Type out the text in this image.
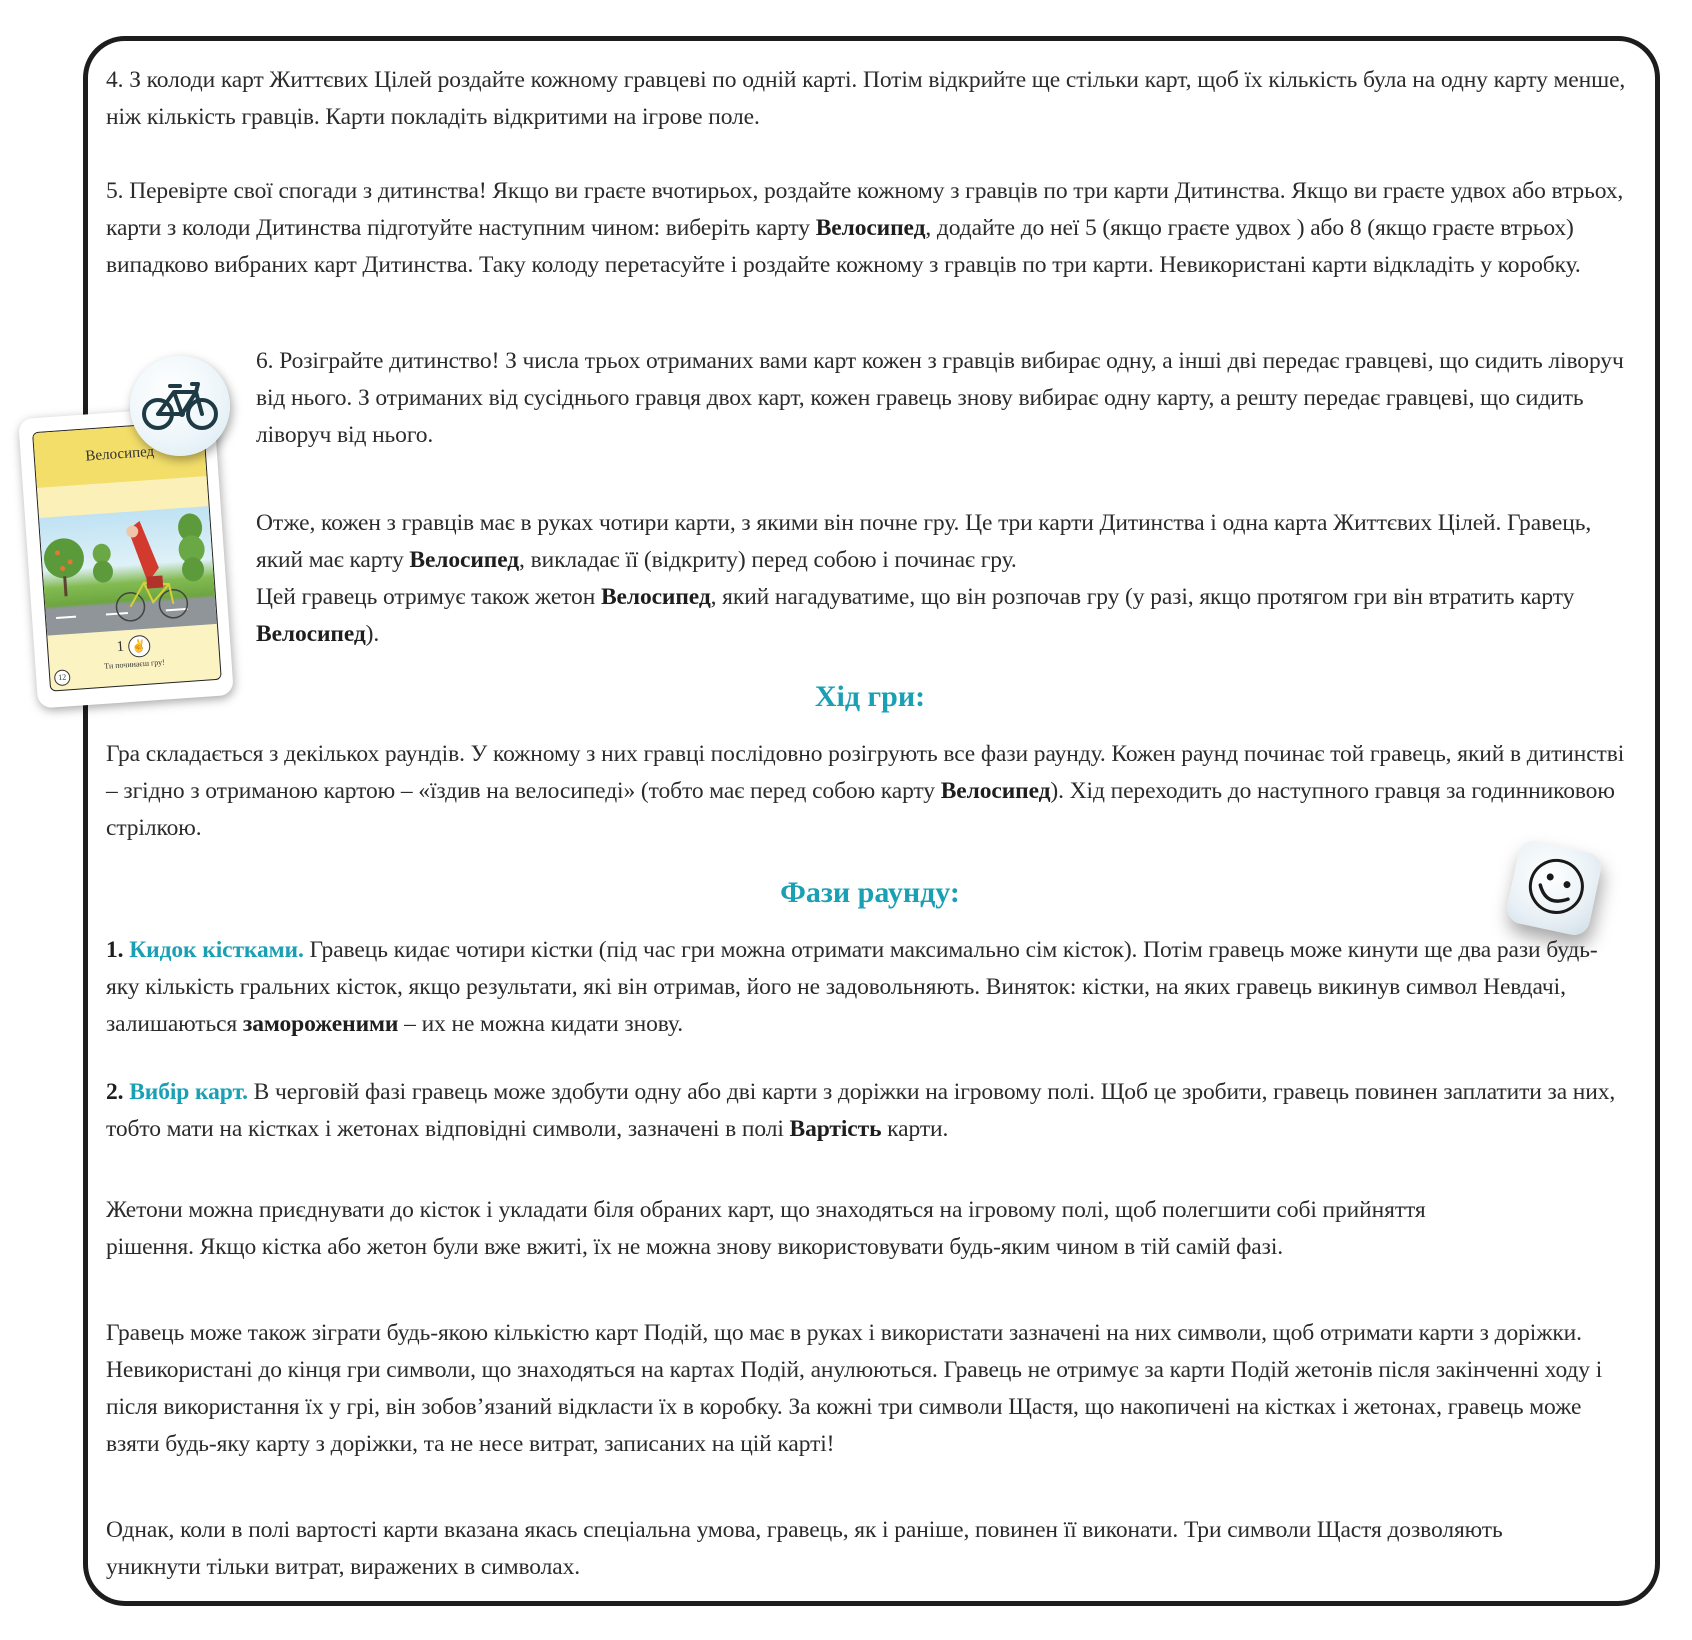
4. З колоди карт Життєвих Цілей роздайте кожному гравцеві по одній карті. Потім відкрийте ще стільки карт, щоб їх кількість була на одну карту менше, ніж кількість гравців. Карти покладіть відкритими на ігрове поле.

5. Перевірте свої спогади з дитинства! Якщо ви граєте вчотирьох, роздайте кожному з гравців по три карти Дитинства. Якщо ви граєте удвох або втрьох, карти з колоди Дитинства підготуйте наступним чином: виберіть карту Велосипед, додайте до неї 5 (якщо граєте удвох ) або 8 (якщо граєте втрьох) випадково вибраних карт Дитинства. Таку колоду перетасуйте і роздайте кожному з гравців по три карти. Невикористані карти відкладіть у коробку.

Велосипед
1 ✌
Ти починаєш гру!
12

6. Розіграйте дитинство! З числа трьох отриманих вами карт кожен з гравців вибирає одну, а інші дві передає гравцеві, що сидить ліворуч від нього. З отриманих від сусіднього гравця двох карт, кожен гравець знову вибирає одну карту, а решту передає гравцеві, що сидить ліворуч від нього.

Отже, кожен з гравців має в руках чотири карти, з якими він почне гру. Це три карти Дитинства і одна карта Життєвих Цілей. Гравець, який має карту Велосипед, викладає її (відкриту) перед собою і починає гру.
Цей гравець отримує також жетон Велосипед, який нагадуватиме, що він розпочав гру (у разі, якщо протягом гри він втратить карту Велосипед).

Хід гри:

Гра складається з декількох раундів. У кожному з них гравці послідовно розігрують все фази раунду. Кожен раунд починає той гравець, який в дитинстві – згідно з отриманою картою – «їздив на велосипеді» (тобто має перед собою карту Велосипед). Хід переходить до наступного гравця за годинниковою стрілкою.

Фази раунду:

1. Кидок кістками. Гравець кидає чотири кістки (під час гри можна отримати максимально сім кісток). Потім гравець може кинути ще два рази будь-яку кількість гральних кісток, якщо результати, які він отримав, його не задовольняють. Виняток: кістки, на яких гравець викинув символ Невдачі, залишаються замороженими – их не можна кидати знову.

2. Вибір карт. В черговій фазі гравець може здобути одну або дві карти з доріжки на ігровому полі. Щоб це зробити, гравець повинен заплатити за них, тобто мати на кістках і жетонах відповідні символи, зазначені в полі Вартість карти.

Жетони можна приєднувати до кісток і укладати біля обраних карт, що знаходяться на ігровому полі, щоб полегшити собі прийняття рішення. Якщо кістка або жетон були вже вжиті, їх не можна знову використовувати будь-яким чином в тій самій фазі.

Гравець може також зіграти будь-якою кількістю карт Подій, що має в руках і використати зазначені на них символи, щоб отримати карти з доріжки. Невикористані до кінця гри символи, що знаходяться на картах Подій, анулюються. Гравець не отримує за карти Подій жетонів після закінченні ходу і після використання їх у грі, він зобов’язаний відкласти їх в коробку. За кожні три символи Щастя, що накопичені на кістках і жетонах, гравець може взяти будь-яку карту з доріжки, та не несе витрат, записаних на цій карті!

Однак, коли в полі вартості карти вказана якась спеціальна умова, гравець, як і раніше, повинен її виконати. Три символи Щастя дозволяють уникнути тільки витрат, виражених в символах.
